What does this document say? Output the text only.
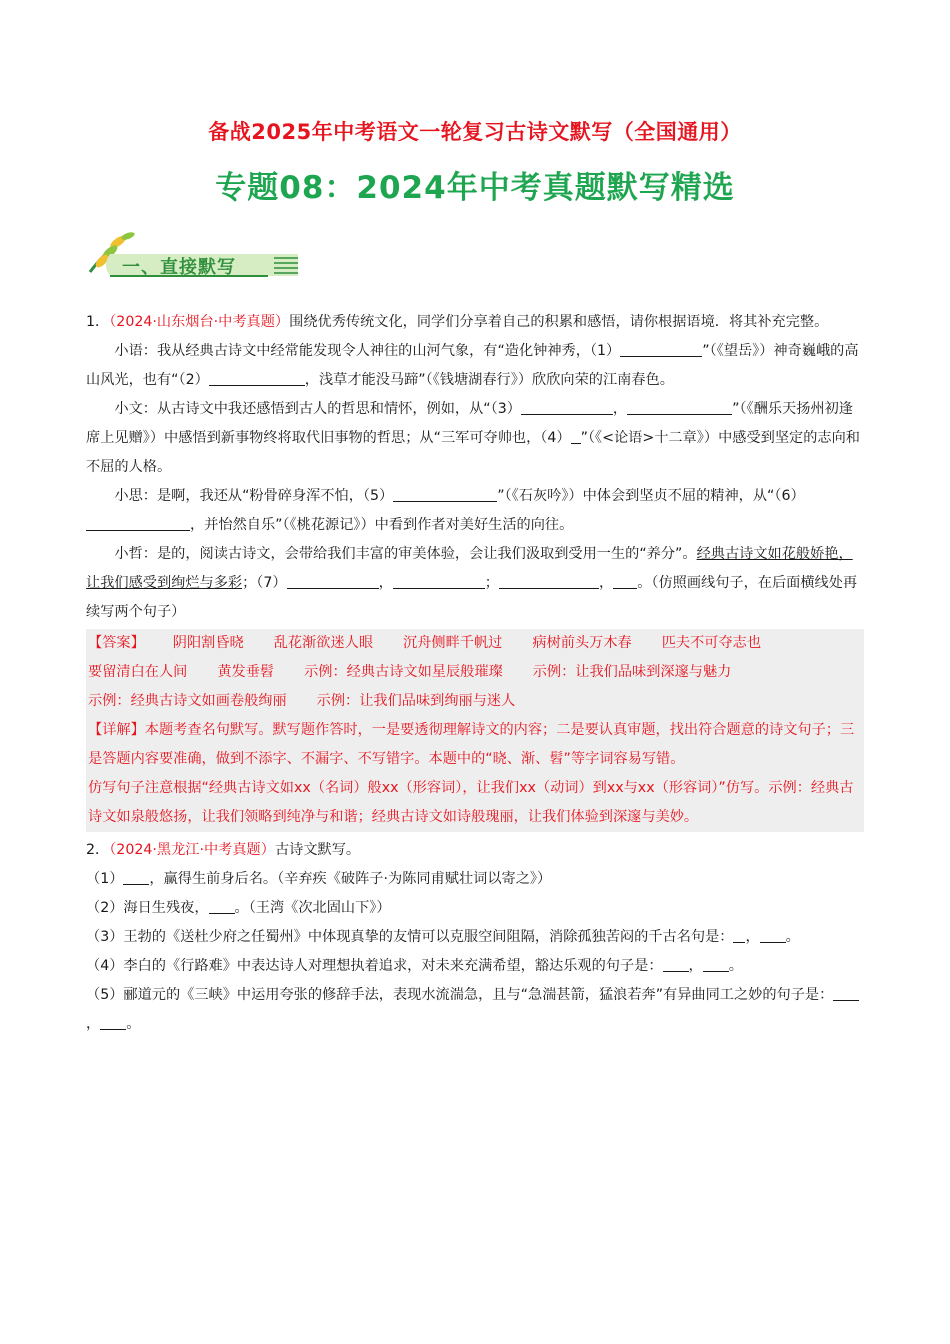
备战2025年中考语文一轮复习古诗文默写（全国通用）
专题08：2024年中考真题默写精选
一、直接默写

1．（2024·山东烟台·中考真题）围绕优秀传统文化，同学们分享着自己的积累和感悟，请你根据语境．将其补充完整。

小语：我从经典古诗文中经常能发现令人神往的山河气象，有“造化钟神秀，（1）	”（《望岳》）神奇巍峨的高山风光，也有“（2）	，浅草才能没马蹄”（《钱塘湖春行》）欣欣向荣的江南春色。

小文：从古诗文中我还感悟到古人的哲思和情怀，例如，从“（3）	，	”（《酬乐天扬州初逢席上见赠》）中感悟到新事物终将取代旧事物的哲思；从“三军可夺帅也，（4） ”（《<论语>十二章》）中感受到坚定的志向和不屈的人格。

小思：是啊，我还从“粉骨碎身浑不怕，（5）	”（《石灰吟》）中体会到坚贞不屈的精神，从“（6），并怡然自乐”（《桃花源记》）中看到作者对美好生活的向往。

小哲：是的，阅读古诗文，会带给我们丰富的审美体验，会让我们汲取到受用一生的“养分”。经典古诗文如花般娇艳，让我们感受到绚烂与多彩；（7）	，	；	， 。（仿照画线句子，在后面横线处再续写两个句子）

【答案】 阴阳割昏晓 乱花渐欲迷人眼 沉舟侧畔千帆过 病树前头万木春 匹夫不可夺志也
要留清白在人间 黄发垂髫 示例：经典古诗文如星辰般璀璨 示例：让我们品味到深邃与魅力
示例：经典古诗文如画卷般绚丽 示例：让我们品味到绚丽与迷人

【详解】本题考查名句默写。默写题作答时，一是要透彻理解诗文的内容；二是要认真审题，找出符合题意的诗文句子；三是答题内容要准确，做到不添字、不漏字、不写错字。本题中的“晓、渐、髫”等字词容易写错。

仿写句子注意根据“经典古诗文如xx（名词）般xx（形容词），让我们xx（动词）到xx与xx（形容词）”仿写。示例：经典古诗文如泉般悠扬，让我们领略到纯净与和谐；经典古诗文如诗般瑰丽，让我们体验到深邃与美妙。

2．（2024·黑龙江·中考真题）古诗文默写。

（1） ，赢得生前身后名。（辛弃疾《破阵子·为陈同甫赋壮词以寄之》）

（2）海日生残夜， 。（王湾《次北固山下》）

（3）王勃的《送杜少府之任蜀州》中体现真挚的友情可以克服空间阻隔，消除孤独苦闷的千古名句是： ， 。

（4）李白的《行路难》中表达诗人对理想执着追求，对未来充满希望，豁达乐观的句子是： ， 。

（5）郦道元的《三峡》中运用夸张的修辞手法，表现水流湍急，且与“急湍甚箭，猛浪若奔”有异曲同工之妙的句子是：， 。
